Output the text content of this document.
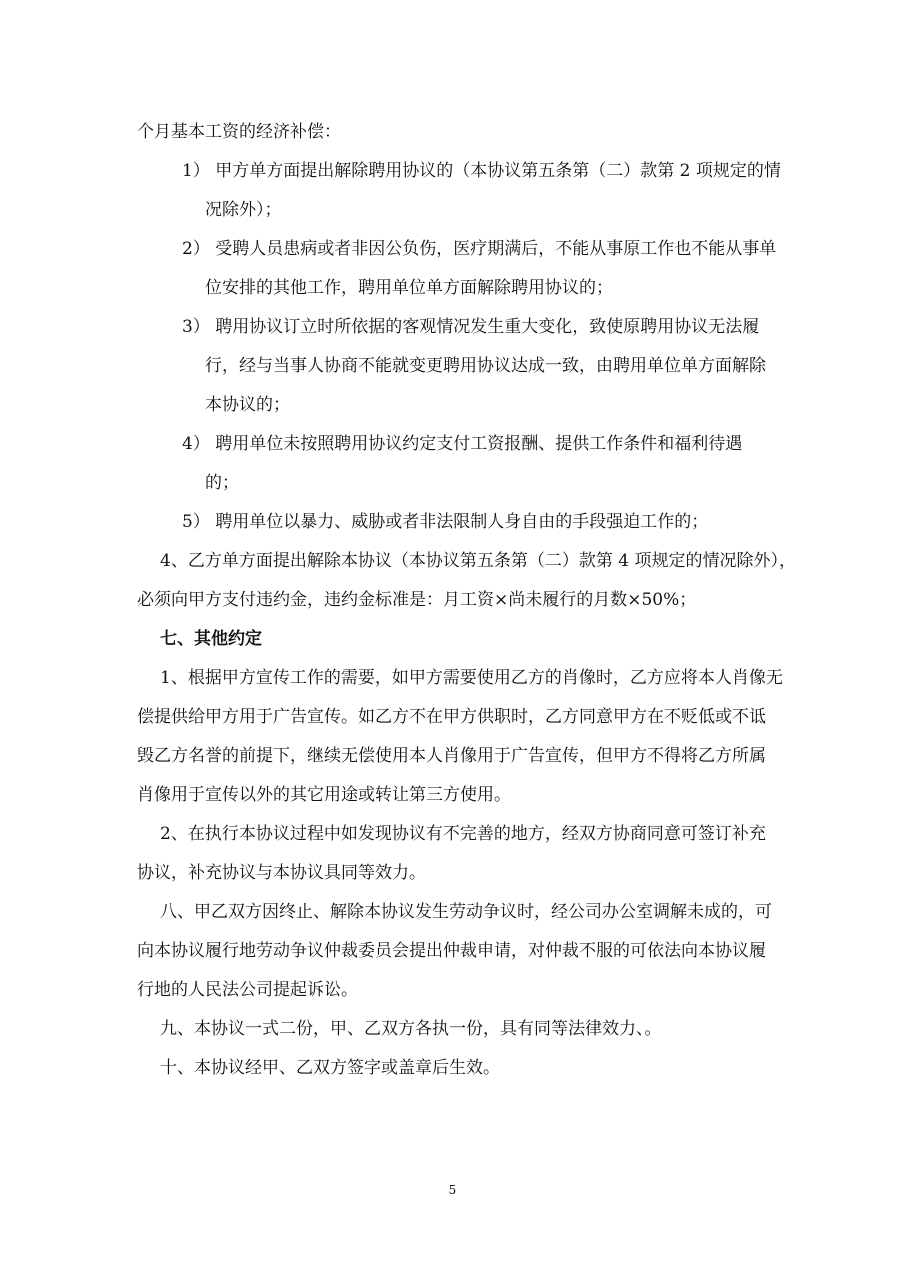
个月基本工资的经济补偿：
1） 甲方单方面提出解除聘用协议的（本协议第五条第（二）款第 2 项规定的情
况除外）；
2） 受聘人员患病或者非因公负伤，医疗期满后，不能从事原工作也不能从事单
位安排的其他工作，聘用单位单方面解除聘用协议的；
3） 聘用协议订立时所依据的客观情况发生重大变化，致使原聘用协议无法履
行，经与当事人协商不能就变更聘用协议达成一致，由聘用单位单方面解除
本协议的；
4） 聘用单位未按照聘用协议约定支付工资报酬、提供工作条件和福利待遇
的；
5） 聘用单位以暴力、威胁或者非法限制人身自由的手段强迫工作的；
4、乙方单方面提出解除本协议（本协议第五条第（二）款第 4 项规定的情况除外），
必须向甲方支付违约金，违约金标准是：月工资×尚未履行的月数×50%；
七、其他约定
1、根据甲方宣传工作的需要，如甲方需要使用乙方的肖像时，乙方应将本人肖像无
偿提供给甲方用于广告宣传。如乙方不在甲方供职时，乙方同意甲方在不贬低或不诋
毁乙方名誉的前提下，继续无偿使用本人肖像用于广告宣传，但甲方不得将乙方所属
肖像用于宣传以外的其它用途或转让第三方使用。
2、在执行本协议过程中如发现协议有不完善的地方，经双方协商同意可签订补充
协议，补充协议与本协议具同等效力。
八、甲乙双方因终止、解除本协议发生劳动争议时，经公司办公室调解未成的，可
向本协议履行地劳动争议仲裁委员会提出仲裁申请，对仲裁不服的可依法向本协议履
行地的人民法公司提起诉讼。
九、本协议一式二份，甲、乙双方各执一份，具有同等法律效力、。
十、本协议经甲、乙双方签字或盖章后生效。
5
